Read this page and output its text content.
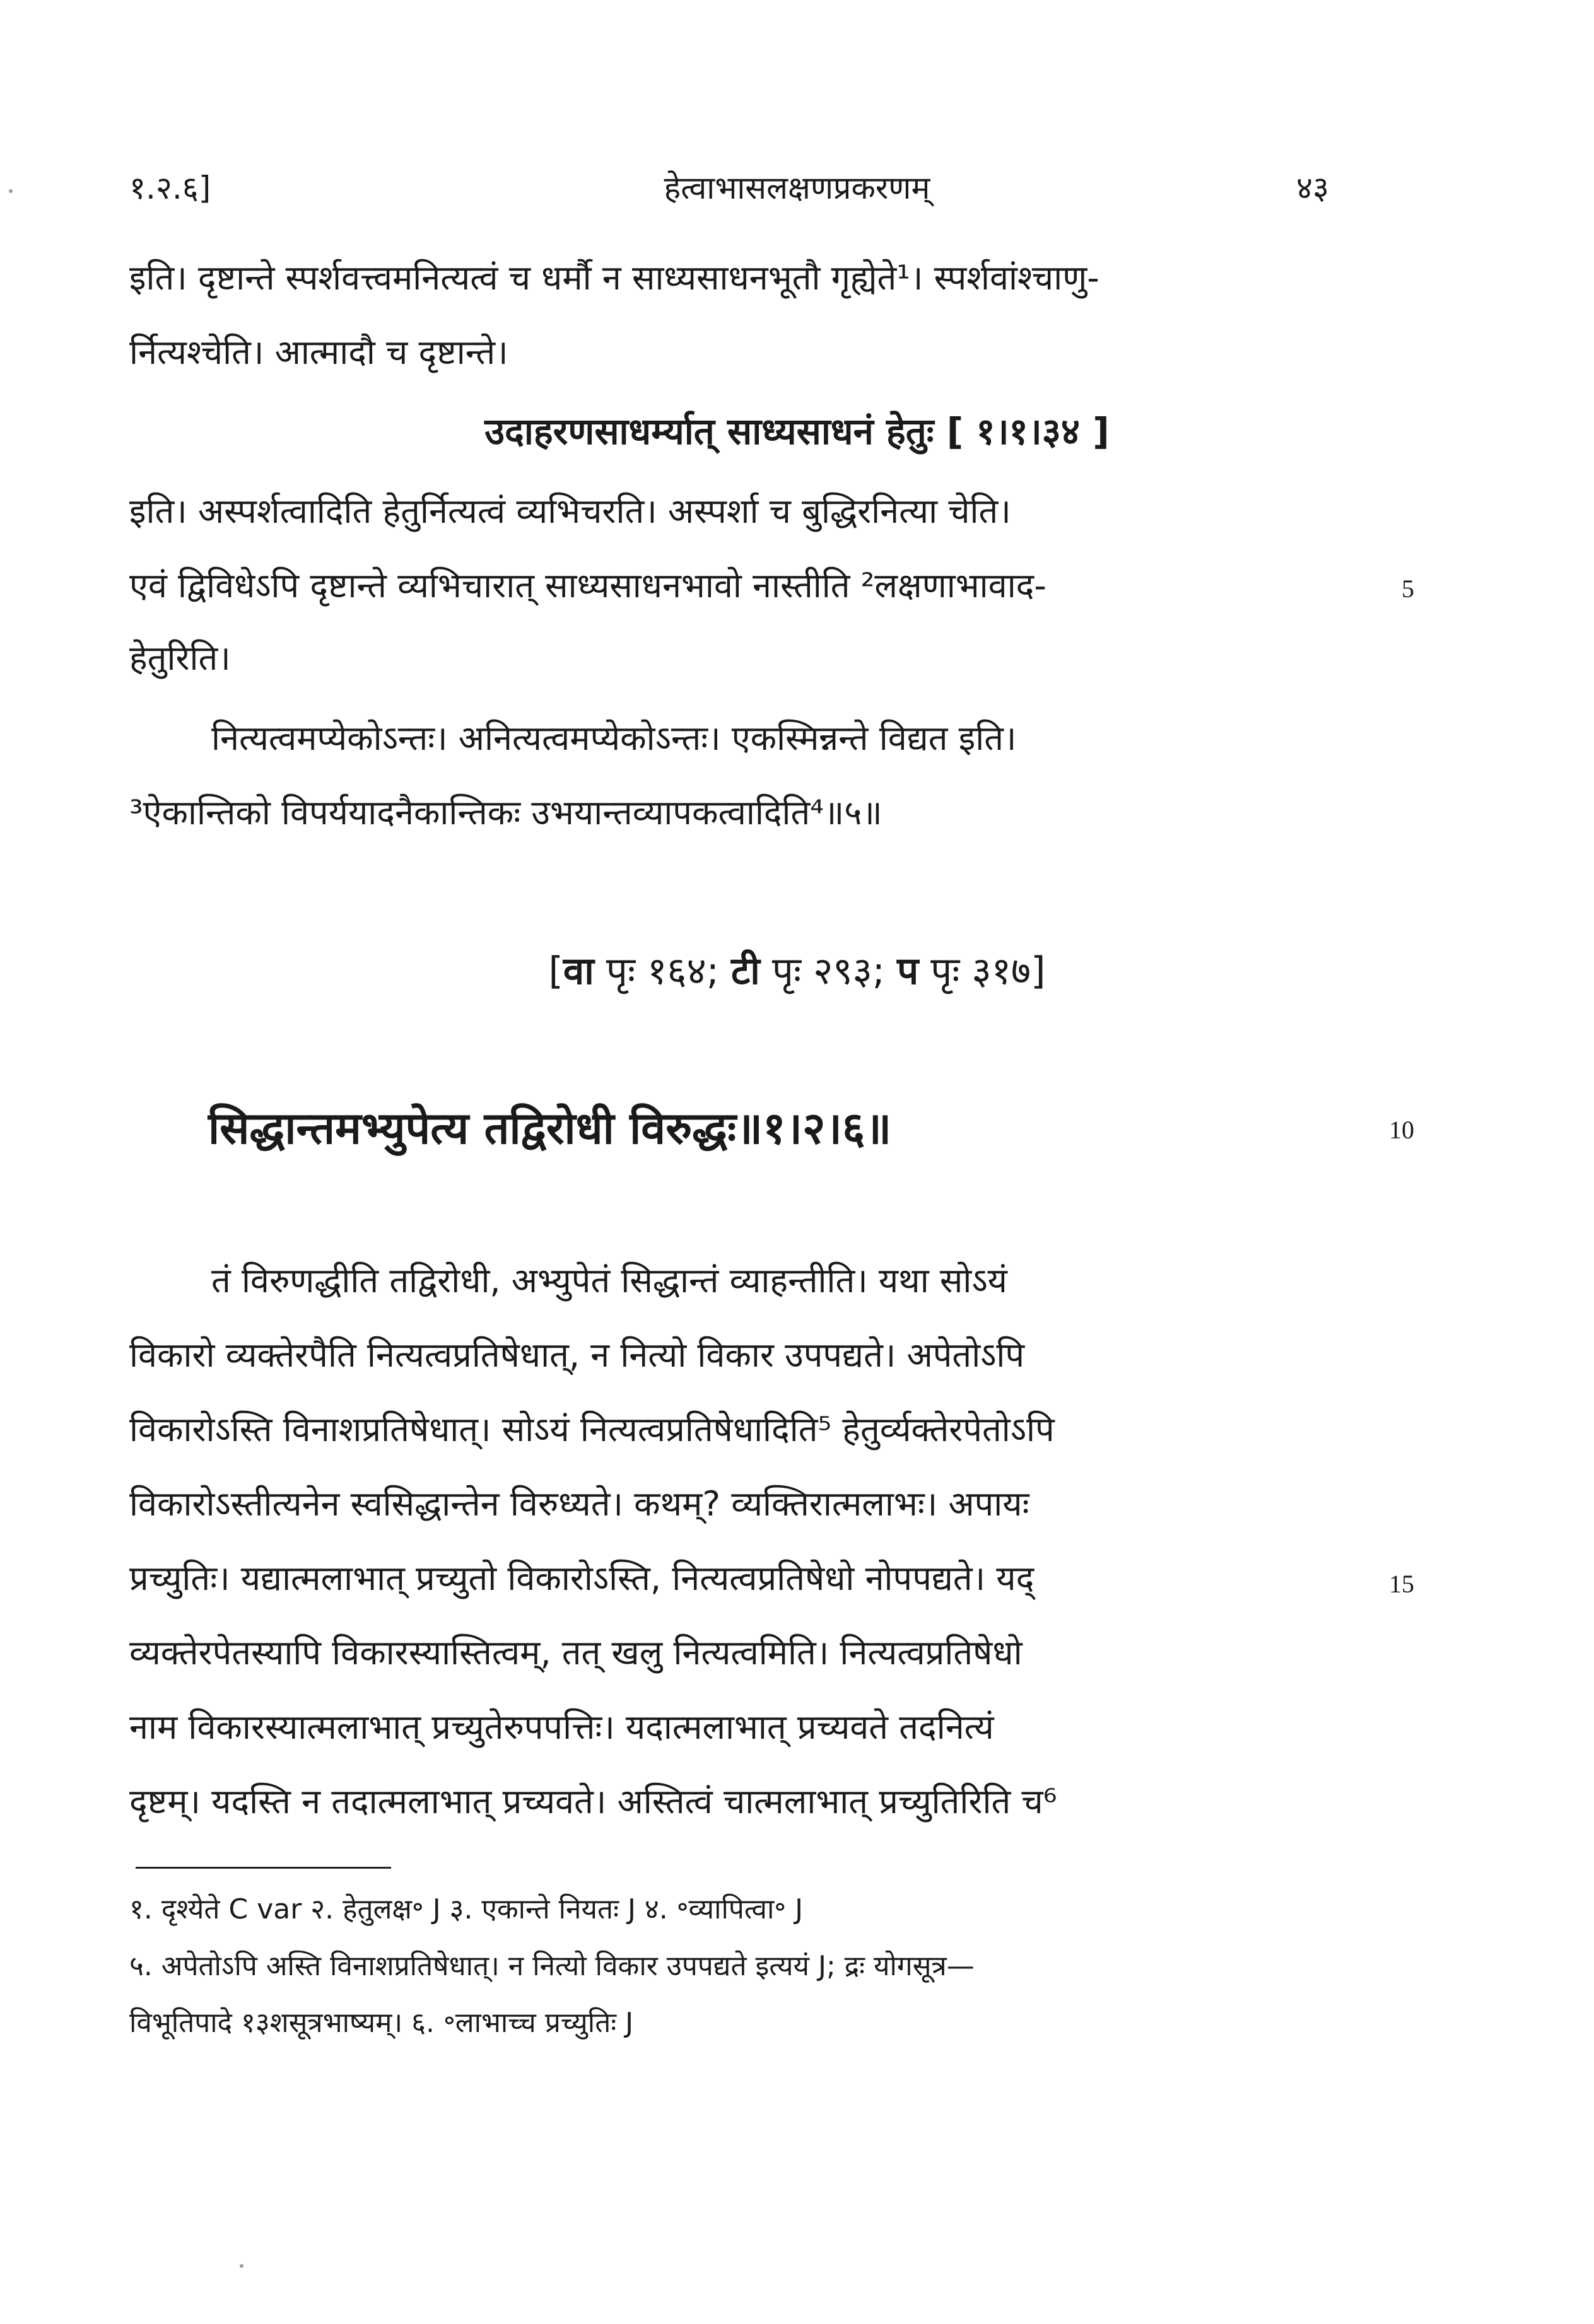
१.२.६]	हेत्वाभासलक्षणप्रकरणम्	४३
इति। दृष्टान्ते स्पर्शवत्त्वमनित्यत्वं च धर्मौ न साध्यसाधनभूतौ गृह्येते¹। स्पर्शवांश्चाणु-
र्नित्यश्चेति। आत्मादौ च दृष्टान्ते।
उदाहरणसाधर्म्यात् साध्यसाधनं हेतुः [ १।१।३४ ]
इति। अस्पर्शत्वादिति हेतुर्नित्यत्वं व्यभिचरति। अस्पर्शा च बुद्धिरनित्या चेति।
एवं द्विविधेऽपि दृष्टान्ते व्यभिचारात् साध्यसाधनभावो नास्तीति ²लक्षणाभावाद-	5
हेतुरिति।
नित्यत्वमप्येकोऽन्तः। अनित्यत्वमप्येकोऽन्तः। एकस्मिन्नन्ते विद्यत इति।
³ऐकान्तिको विपर्ययादनैकान्तिकः उभयान्तव्यापकत्वादिति⁴॥५॥
[वा पृः १६४; टी पृः २९३; प पृः ३१७]
सिद्धान्तमभ्युपेत्य तद्विरोधी विरुद्धः॥१।२।६॥	10
तं विरुणद्धीति तद्विरोधी, अभ्युपेतं सिद्धान्तं व्याहन्तीति। यथा सोऽयं
विकारो व्यक्तेरपैति नित्यत्वप्रतिषेधात्, न नित्यो विकार उपपद्यते। अपेतोऽपि
विकारोऽस्ति विनाशप्रतिषेधात्। सोऽयं नित्यत्वप्रतिषेधादिति⁵ हेतुर्व्यक्तेरपेतोऽपि
विकारोऽस्तीत्यनेन स्वसिद्धान्तेन विरुध्यते। कथम्? व्यक्तिरात्मलाभः। अपायः
प्रच्युतिः। यद्यात्मलाभात् प्रच्युतो विकारोऽस्ति, नित्यत्वप्रतिषेधो नोपपद्यते। यद्	15
व्यक्तेरपेतस्यापि विकारस्यास्तित्वम्, तत् खलु नित्यत्वमिति। नित्यत्वप्रतिषेधो
नाम विकारस्यात्मलाभात् प्रच्युतेरुपपत्तिः। यदात्मलाभात् प्रच्यवते तदनित्यं
दृष्टम्। यदस्ति न तदात्मलाभात् प्रच्यवते। अस्तित्वं चात्मलाभात् प्रच्युतिरिति च⁶
१. दृश्येते C var २. हेतुलक्ष॰ J ३. एकान्ते नियतः J ४. ॰व्यापित्वा॰ J
५. अपेतोऽपि अस्ति विनाशप्रतिषेधात्। न नित्यो विकार उपपद्यते इत्ययं J; द्रः योगसूत्र—
विभूतिपादे १३शसूत्रभाष्यम्। ६. ॰लाभाच्च प्रच्युतिः J
